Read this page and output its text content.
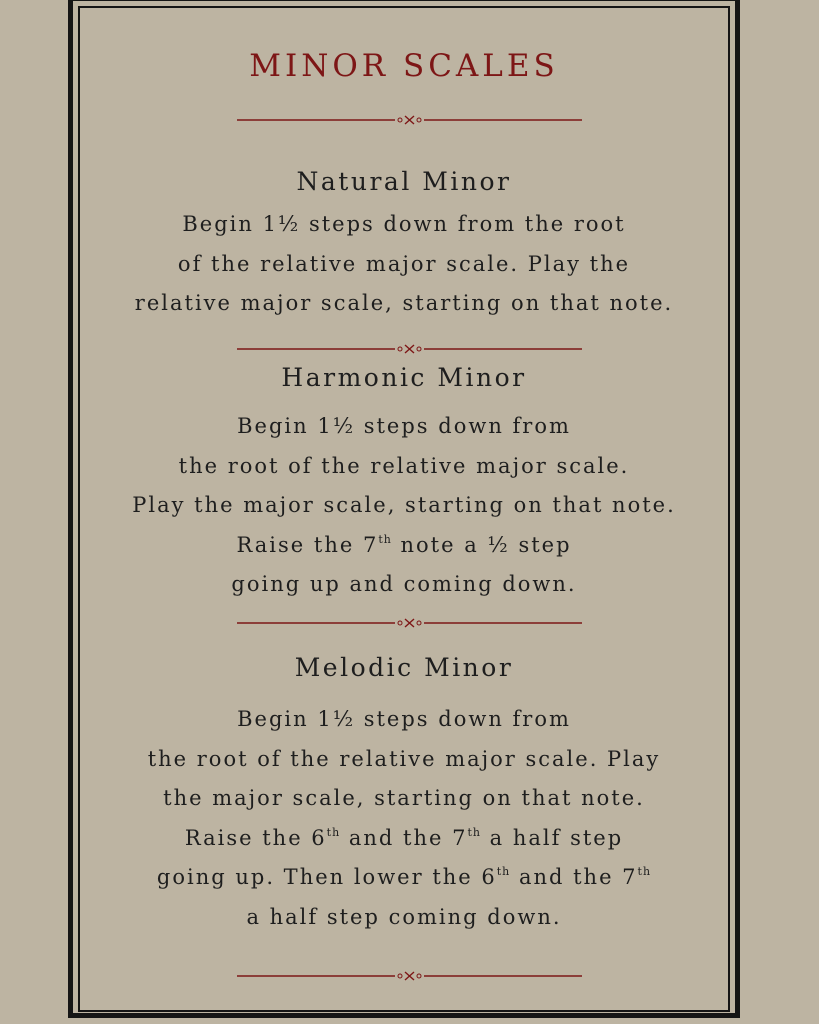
MINOR SCALES
Natural Minor
Begin 1½ steps down from the root
of the relative major scale. Play the
relative major scale, starting on that note.
Harmonic Minor
Begin 1½ steps down from
the root of the relative major scale.
Play the major scale, starting on that note.
Raise the 7th note a ½ step
going up and coming down.
Melodic Minor
Begin 1½ steps down from
the root of the relative major scale. Play
the major scale, starting on that note.
Raise the 6th and the 7th a half step
going up. Then lower the 6th and the 7th
a half step coming down.
